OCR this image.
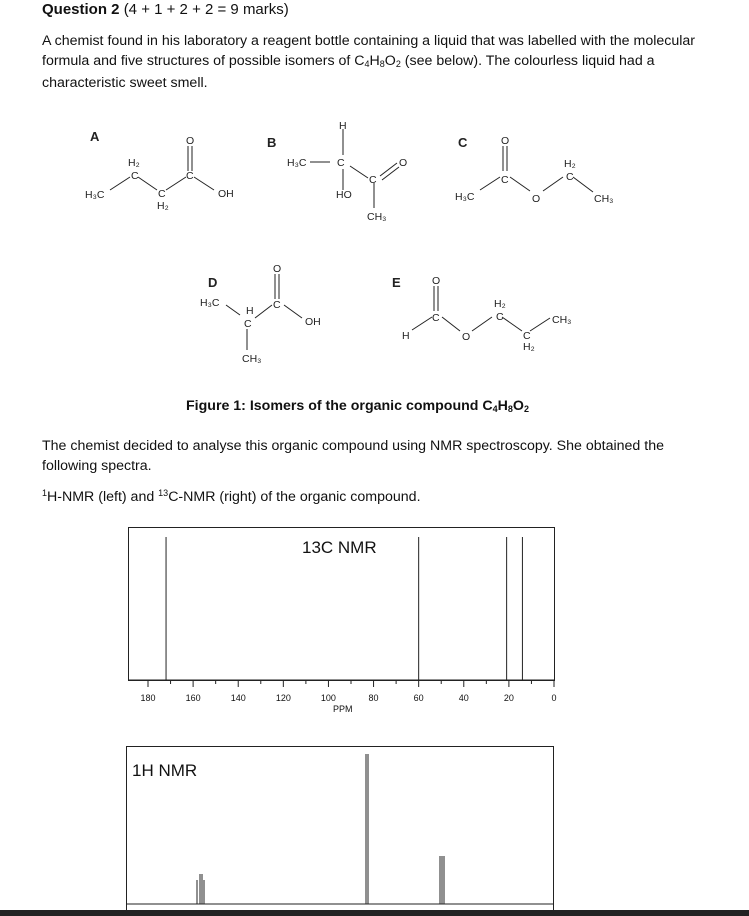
Question 2 (4 + 1 + 2 + 2 = 9 marks)
A chemist found in his laboratory a reagent bottle containing a liquid that was labelled with the molecular formula and five structures of possible isomers of $C_4H_8O_2$ (see below). The colourless liquid had a characteristic sweet smell.
A
H₃C
H₂
C
C
H₂
O
C
OH
B
H
H₃C	C
HO
C
O
CH₃
C
H₃C
O
C
O
H₂
C
CH₃
D
H₃C
H
C
O
C
OH
CH₃
E
H
O
C
O
H₂
C
C
H₂
CH₃
Figure 1: Isomers of the organic compound $C_4H_8O_2$
The chemist decided to analyse this organic compound using NMR spectroscopy. She obtained the following spectra.
$^1$H-NMR (left) and $^{13}$C-NMR (right) of the organic compound.
13C NMR
180	160	140	120	100	80	60	40	20	0
PPM
1H NMR
